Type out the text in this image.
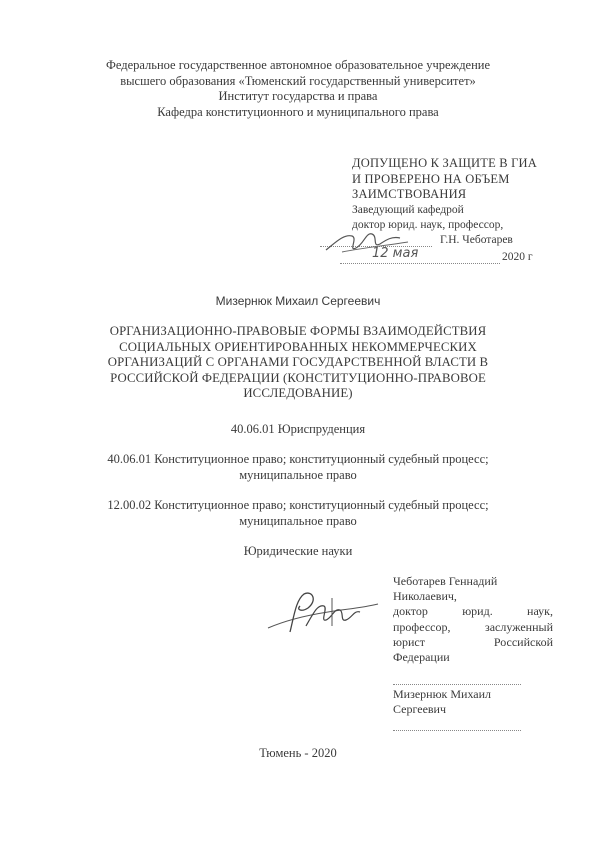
Федеральное государственное автономное образовательное учреждение
высшего образования «Тюменский государственный университет»
Институт государства и права
Кафедра конституционного и муниципального права
ДОПУЩЕНО К ЗАЩИТЕ В ГИА
И ПРОВЕРЕНО НА ОБЪЕМ
ЗАИМСТВОВАНИЯ
Заведующий кафедрой
доктор юрид. наук, профессор,
Г.Н. Чеботарев
12 мая	2020 г
Мизернюк Михаил Сергеевич
ОРГАНИЗАЦИОННО-ПРАВОВЫЕ ФОРМЫ ВЗАИМОДЕЙСТВИЯ
СОЦИАЛЬНЫХ ОРИЕНТИРОВАННЫХ НЕКОММЕРЧЕСКИХ
ОРГАНИЗАЦИЙ С ОРГАНАМИ ГОСУДАРСТВЕННОЙ ВЛАСТИ В
РОССИЙСКОЙ ФЕДЕРАЦИИ (КОНСТИТУЦИОННО-ПРАВОВОЕ
ИССЛЕДОВАНИЕ)
40.06.01 Юриспруденция
40.06.01 Конституционное право; конституционный судебный процесс;
муниципальное право
12.00.02 Конституционное право; конституционный судебный процесс;
муниципальное право
Юридические науки
Чеботарев Геннадий
Николаевич,
доктор юрид. наук,
профессор, заслуженный
юрист Российской
Федерации
Мизернюк Михаил
Сергеевич
Тюмень - 2020
